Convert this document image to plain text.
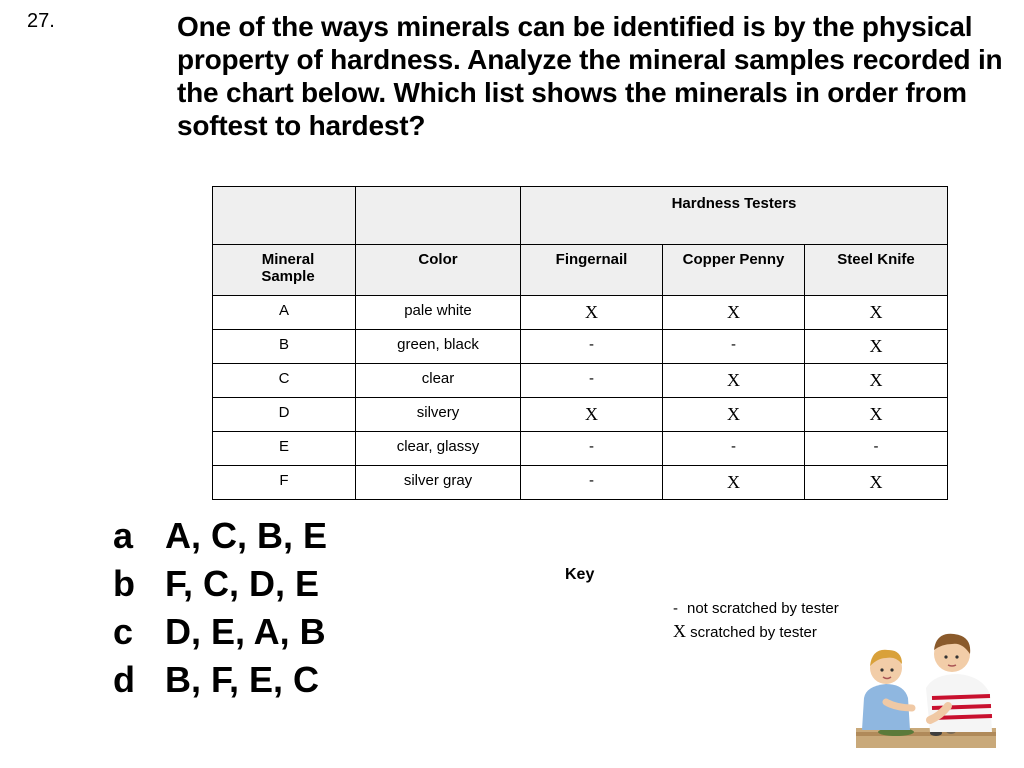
27.	One of the ways minerals can be identified is by the physical property of hardness. Analyze the mineral samples recorded in the chart below. Which list shows the minerals in order from softest to hardest?
		Hardness Testers		
Mineral Sample	Color	Fingernail	Copper Penny	Steel Knife
A	pale white	X	X	X
B	green, black	-	-	X
C	clear	-	X	X
D	silvery	X	X	X
E	clear, glassy	-	-	-
F	silver gray	-	X	X
a A, C, B, E
b F, C, D, E
c D, E, A, B
d B, F, E, C
Key
- not scratched by tester
X scratched by tester
